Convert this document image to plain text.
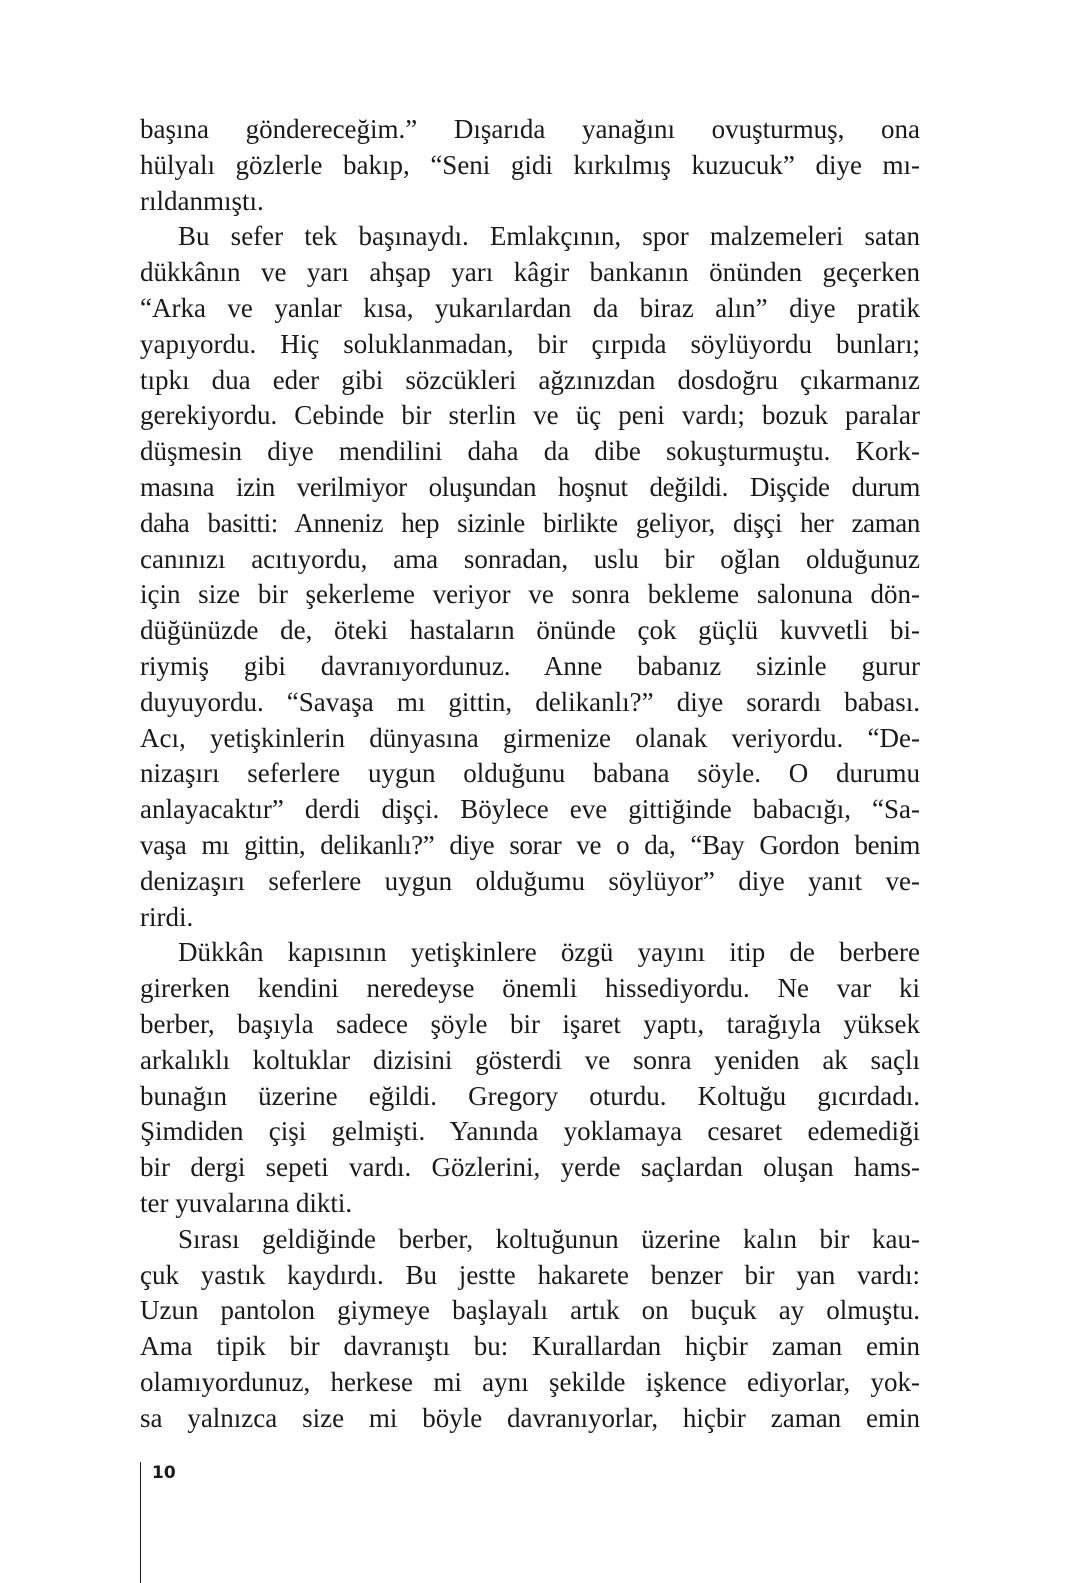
başına göndereceğim.” Dışarıda yanağını ovuşturmuş, ona
hülyalı gözlerle bakıp, “Seni gidi kırkılmış kuzucuk” diye mı-
rıldanmıştı.
Bu sefer tek başınaydı. Emlakçının, spor malzemeleri satan
dükkânın ve yarı ahşap yarı kâgir bankanın önünden geçerken
“Arka ve yanlar kısa, yukarılardan da biraz alın” diye pratik
yapıyordu. Hiç soluklanmadan, bir çırpıda söylüyordu bunları;
tıpkı dua eder gibi sözcükleri ağzınızdan dosdoğru çıkarmanız
gerekiyordu. Cebinde bir sterlin ve üç peni vardı; bozuk paralar
düşmesin diye mendilini daha da dibe sokuşturmuştu. Kork-
masına izin verilmiyor oluşundan hoşnut değildi. Dişçide durum
daha basitti: Anneniz hep sizinle birlikte geliyor, dişçi her zaman
canınızı acıtıyordu, ama sonradan, uslu bir oğlan olduğunuz
için size bir şekerleme veriyor ve sonra bekleme salonuna dön-
düğünüzde de, öteki hastaların önünde çok güçlü kuvvetli bi-
riymiş gibi davranıyordunuz. Anne babanız sizinle gurur
duyuyordu. “Savaşa mı gittin, delikanlı?” diye sorardı babası.
Acı, yetişkinlerin dünyasına girmenize olanak veriyordu. “De-
nizaşırı seferlere uygun olduğunu babana söyle. O durumu
anlayacaktır” derdi dişçi. Böylece eve gittiğinde babacığı, “Sa-
vaşa mı gittin, delikanlı?” diye sorar ve o da, “Bay Gordon benim
denizaşırı seferlere uygun olduğumu söylüyor” diye yanıt ve-
rirdi.
Dükkân kapısının yetişkinlere özgü yayını itip de berbere
girerken kendini neredeyse önemli hissediyordu. Ne var ki
berber, başıyla sadece şöyle bir işaret yaptı, tarağıyla yüksek
arkalıklı koltuklar dizisini gösterdi ve sonra yeniden ak saçlı
bunağın üzerine eğildi. Gregory oturdu. Koltuğu gıcırdadı.
Şimdiden çişi gelmişti. Yanında yoklamaya cesaret edemediği
bir dergi sepeti vardı. Gözlerini, yerde saçlardan oluşan hams-
ter yuvalarına dikti.
Sırası geldiğinde berber, koltuğunun üzerine kalın bir kau-
çuk yastık kaydırdı. Bu jestte hakarete benzer bir yan vardı:
Uzun pantolon giymeye başlayalı artık on buçuk ay olmuştu.
Ama tipik bir davranıştı bu: Kurallardan hiçbir zaman emin
olamıyordunuz, herkese mi aynı şekilde işkence ediyorlar, yok-
sa yalnızca size mi böyle davranıyorlar, hiçbir zaman emin
10
